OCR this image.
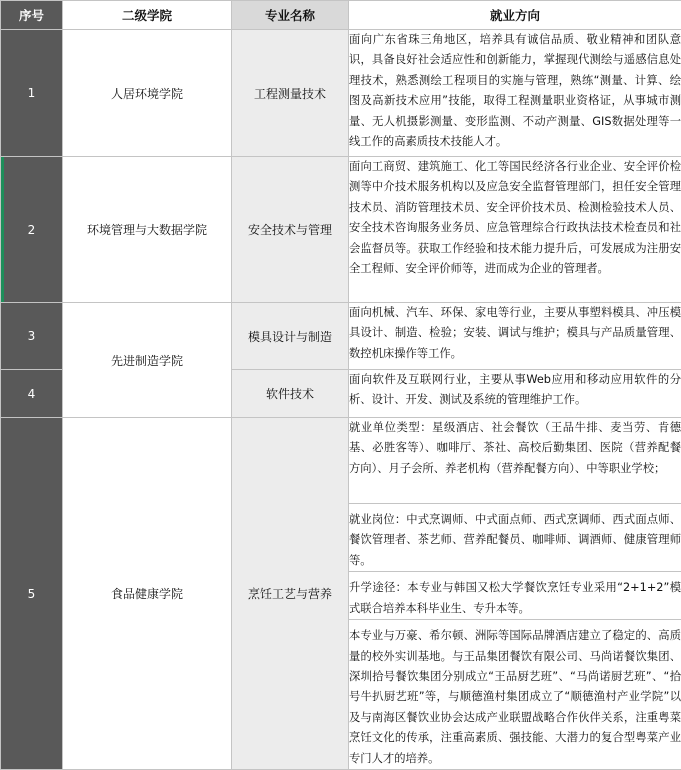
序号	二级学院	专业名称	就业方向
1	人居环境学院	工程测量技术	面向广东省珠三角地区，培养具有诚信品质、敬业精神和团队意识，具备良好社会适应性和创新能力，掌握现代测绘与遥感信息处理技术，熟悉测绘工程项目的实施与管理，熟练“测量、计算、绘图及高新技术应用”技能，取得工程测量职业资格证，从事城市测量、无人机摄影测量、变形监测、不动产测量、GIS数据处理等一线工作的高素质技术技能人才。
2	环境管理与大数据学院	安全技术与管理	面向工商贸、建筑施工、化工等国民经济各行业企业、安全评价检测等中介技术服务机构以及应急安全监督管理部门，担任安全管理技术员、消防管理技术员、安全评价技术员、检测检验技术人员、安全技术咨询服务业务员、应急管理综合行政执法技术检查员和社会监督员等。获取工作经验和技术能力提升后，可发展成为注册安全工程师、安全评价师等，进而成为企业的管理者。
3	先进制造学院	模具设计与制造	面向机械、汽车、环保、家电等行业，主要从事塑料模具、冲压模具设计、制造、检验；安装、调试与维护；模具与产品质量管理、数控机床操作等工作。
4		软件技术	面向软件及互联网行业，主要从事Web应用和移动应用软件的分析、设计、开发、测试及系统的管理维护工作。
5	食品健康学院	烹饪工艺与营养	就业单位类型：星级酒店、社会餐饮（王品牛排、麦当劳、肯德基、必胜客等）、咖啡厅、茶社、高校后勤集团、医院（营养配餐方向）、月子会所、养老机构（营养配餐方向）、中等职业学校；
			就业岗位：中式烹调师、中式面点师、西式烹调师、西式面点师、餐饮管理者、茶艺师、营养配餐员、咖啡师、调酒师、健康管理师等。
			升学途径：本专业与韩国又松大学餐饮烹饪专业采用“2+1+2”模式联合培养本科毕业生、专升本等。
			本专业与万豪、希尔顿、洲际等国际品牌酒店建立了稳定的、高质量的校外实训基地。与王品集团餐饮有限公司、马尚诺餐饮集团、深圳拾号餐饮集团分别成立“王品厨艺班”、“马尚诺厨艺班”、“拾号牛扒厨艺班”等，与顺德渔村集团成立了“顺德渔村产业学院”以及与南海区餐饮业协会达成产业联盟战略合作伙伴关系，注重粤菜烹饪文化的传承，注重高素质、强技能、大潜力的复合型粤菜产业专门人才的培养。
